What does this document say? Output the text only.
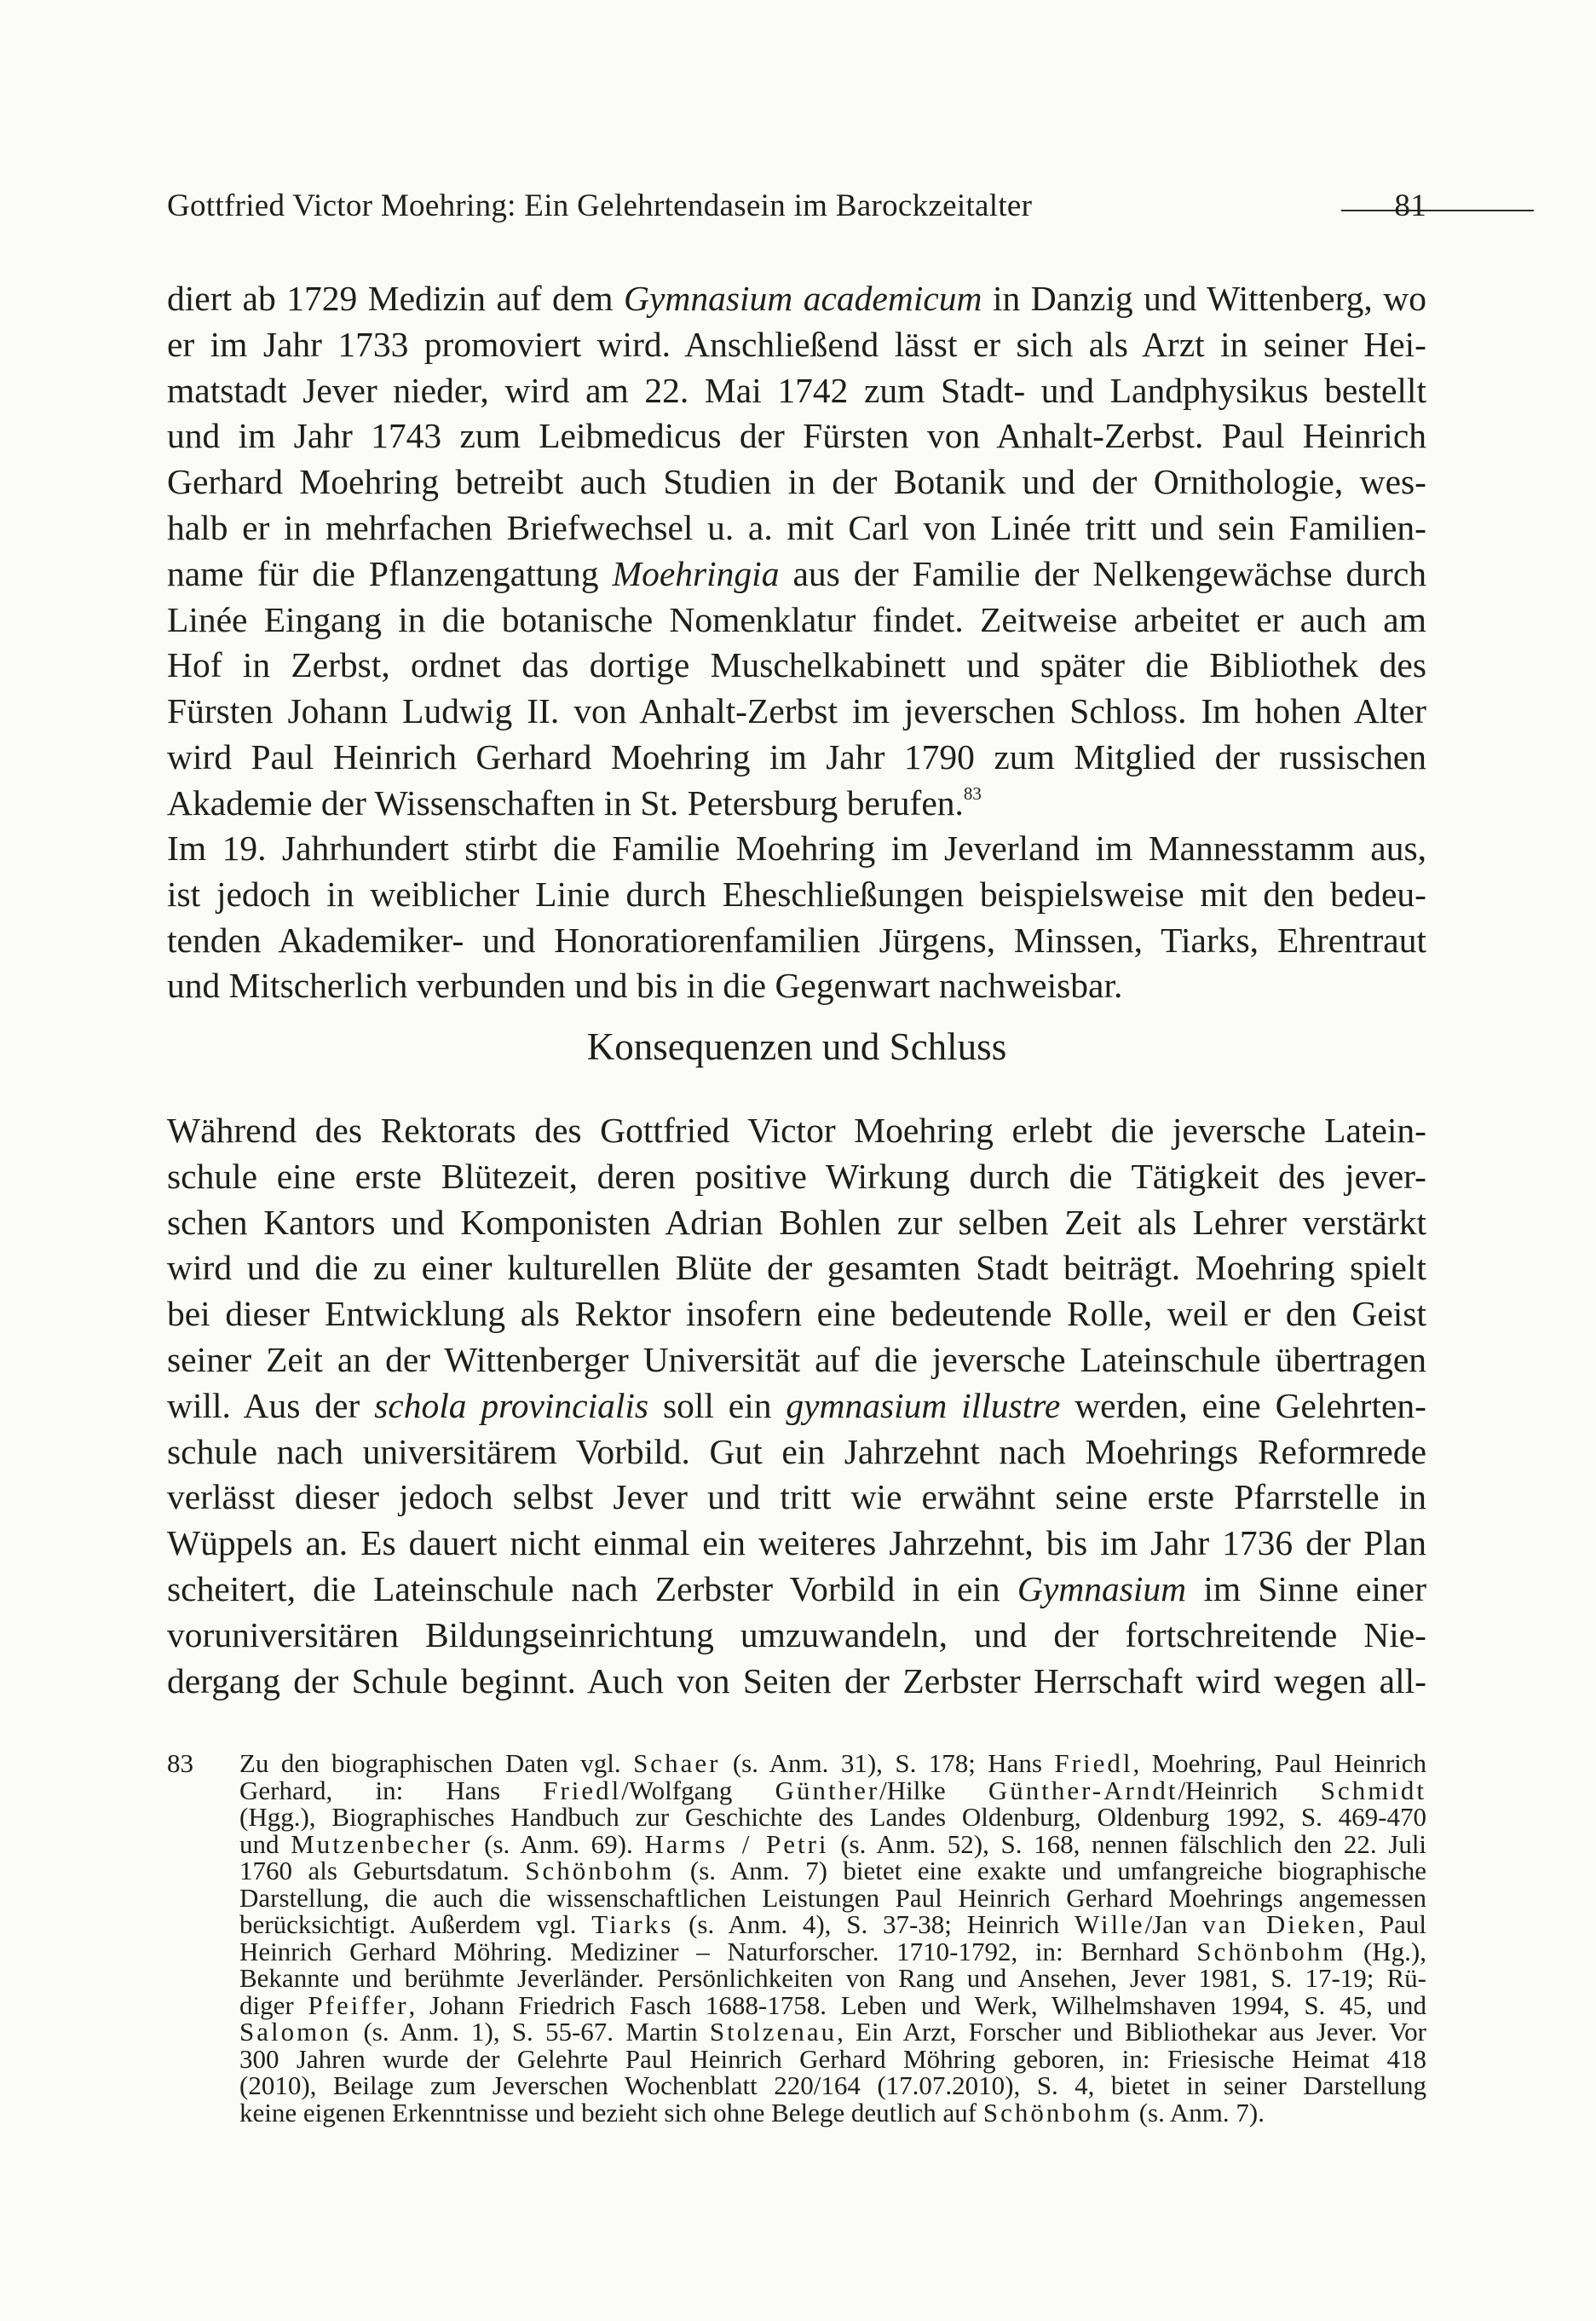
Gottfried Victor Moehring: Ein Gelehrtendasein im Barockzeitalter	81
diert ab 1729 Medizin auf dem Gymnasium academicum in Danzig und Wittenberg, wo
er im Jahr 1733 promoviert wird. Anschließend lässt er sich als Arzt in seiner Hei-
matstadt Jever nieder, wird am 22. Mai 1742 zum Stadt- und Landphysikus bestellt
und im Jahr 1743 zum Leibmedicus der Fürsten von Anhalt-Zerbst. Paul Heinrich
Gerhard Moehring betreibt auch Studien in der Botanik und der Ornithologie, wes-
halb er in mehrfachen Briefwechsel u. a. mit Carl von Linée tritt und sein Familien-
name für die Pflanzengattung Moehringia aus der Familie der Nelkengewächse durch
Linée Eingang in die botanische Nomenklatur findet. Zeitweise arbeitet er auch am
Hof in Zerbst, ordnet das dortige Muschelkabinett und später die Bibliothek des
Fürsten Johann Ludwig II. von Anhalt-Zerbst im jeverschen Schloss. Im hohen Alter
wird Paul Heinrich Gerhard Moehring im Jahr 1790 zum Mitglied der russischen
Akademie der Wissenschaften in St. Petersburg berufen.$^{83}$
Im 19. Jahrhundert stirbt die Familie Moehring im Jeverland im Mannesstamm aus,
ist jedoch in weiblicher Linie durch Eheschließungen beispielsweise mit den bedeu-
tenden Akademiker- und Honoratiorenfamilien Jürgens, Minssen, Tiarks, Ehrentraut
und Mitscherlich verbunden und bis in die Gegenwart nachweisbar.
Konsequenzen und Schluss
Während des Rektorats des Gottfried Victor Moehring erlebt die jeversche Latein-
schule eine erste Blütezeit, deren positive Wirkung durch die Tätigkeit des jever-
schen Kantors und Komponisten Adrian Bohlen zur selben Zeit als Lehrer verstärkt
wird und die zu einer kulturellen Blüte der gesamten Stadt beiträgt. Moehring spielt
bei dieser Entwicklung als Rektor insofern eine bedeutende Rolle, weil er den Geist
seiner Zeit an der Wittenberger Universität auf die jeversche Lateinschule übertragen
will. Aus der schola provincialis soll ein gymnasium illustre werden, eine Gelehrten-
schule nach universitärem Vorbild. Gut ein Jahrzehnt nach Moehrings Reformrede
verlässt dieser jedoch selbst Jever und tritt wie erwähnt seine erste Pfarrstelle in
Wüppels an. Es dauert nicht einmal ein weiteres Jahrzehnt, bis im Jahr 1736 der Plan
scheitert, die Lateinschule nach Zerbster Vorbild in ein Gymnasium im Sinne einer
voruniversitären Bildungseinrichtung umzuwandeln, und der fortschreitende Nie-
dergang der Schule beginnt. Auch von Seiten der Zerbster Herrschaft wird wegen all-
83 Zu den biographischen Daten vgl. Schaer (s. Anm. 31), S. 178; Hans Friedl, Moehring, Paul Heinrich
Gerhard, in: Hans Friedl/Wolfgang Günther/Hilke Günther-Arndt/Heinrich Schmidt
(Hgg.), Biographisches Handbuch zur Geschichte des Landes Oldenburg, Oldenburg 1992, S. 469-470
und Mutzenbecher (s. Anm. 69). Harms / Petri (s. Anm. 52), S. 168, nennen fälschlich den 22. Juli
1760 als Geburtsdatum. Schönbohm (s. Anm. 7) bietet eine exakte und umfangreiche biographische
Darstellung, die auch die wissenschaftlichen Leistungen Paul Heinrich Gerhard Moehrings angemessen
berücksichtigt. Außerdem vgl. Tiarks (s. Anm. 4), S. 37-38; Heinrich Wille/Jan van Dieken, Paul
Heinrich Gerhard Möhring. Mediziner – Naturforscher. 1710-1792, in: Bernhard Schönbohm (Hg.),
Bekannte und berühmte Jeverländer. Persönlichkeiten von Rang und Ansehen, Jever 1981, S. 17-19; Rü-
diger Pfeiffer, Johann Friedrich Fasch 1688-1758. Leben und Werk, Wilhelmshaven 1994, S. 45, und
Salomon (s. Anm. 1), S. 55-67. Martin Stolzenau, Ein Arzt, Forscher und Bibliothekar aus Jever. Vor
300 Jahren wurde der Gelehrte Paul Heinrich Gerhard Möhring geboren, in: Friesische Heimat 418
(2010), Beilage zum Jeverschen Wochenblatt 220/164 (17.07.2010), S. 4, bietet in seiner Darstellung
keine eigenen Erkenntnisse und bezieht sich ohne Belege deutlich auf Schönbohm (s. Anm. 7).
